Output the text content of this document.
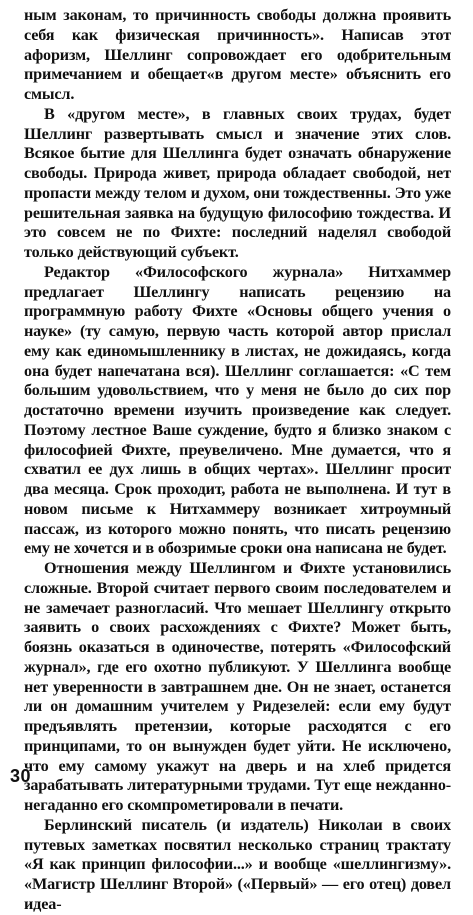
ным законам, то причинность свободы должна проявить себя как физическая причинность». Написав этот афоризм, Шеллинг сопровождает его одобрительным примечанием и обещает«в другом месте» объяснить его смысл.

В «другом месте», в главных своих трудах, будет Шеллинг развертывать смысл и значение этих слов. Всякое бытие для Шеллинга будет означать обнаружение свободы. Природа живет, природа обладает свободой, нет пропасти между телом и духом, они тождественны. Это уже решительная заявка на будущую философию тождества. И это совсем не по Фихте: последний наделял свободой только действующий субъект.

Редактор «Философского журнала» Нитхаммер предлагает Шеллингу написать рецензию на программную работу Фихте «Основы общего учения о науке» (ту самую, первую часть которой автор прислал ему как единомышленнику в листах, не дожидаясь, когда она будет напечатана вся). Шеллинг соглашается: «С тем большим удовольствием, что у меня не было до сих пор достаточно времени изучить произведение как следует. Поэтому лестное Ваше суждение, будто я близко знаком с философией Фихте, преувеличено. Мне думается, что я схватил ее дух лишь в общих чертах». Шеллинг просит два месяца. Срок проходит, работа не выполнена. И тут в новом письме к Нитхаммеру возникает хитроумный пассаж, из которого можно понять, что писать рецензию ему не хочется и в обозримые сроки она написана не будет.

Отношения между Шеллингом и Фихте установились сложные. Второй считает первого своим последователем и не замечает разногласий. Что мешает Шеллингу открыто заявить о своих расхождениях с Фихте? Может быть, боязнь оказаться в одиночестве, потерять «Философский журнал», где его охотно публикуют. У Шеллинга вообще нет уверенности в завтрашнем дне. Он не знает, останется ли он домашним учителем у Ридезелей: если ему будут предъявлять претензии, которые расходятся с его принципами, то он вынужден будет уйти. Не исключено, что ему самому укажут на дверь и на хлеб придется зарабатывать литературными трудами. Тут еще нежданно-негаданно его скомпрометировали в печати.

Берлинский писатель (и издатель) Николаи в своих путевых заметках посвятил несколько страниц трактату «Я как принцип философии...» и вообще «шеллингизму». «Магистр Шеллинг Второй» («Первый» — его отец) довел идеа-

30
